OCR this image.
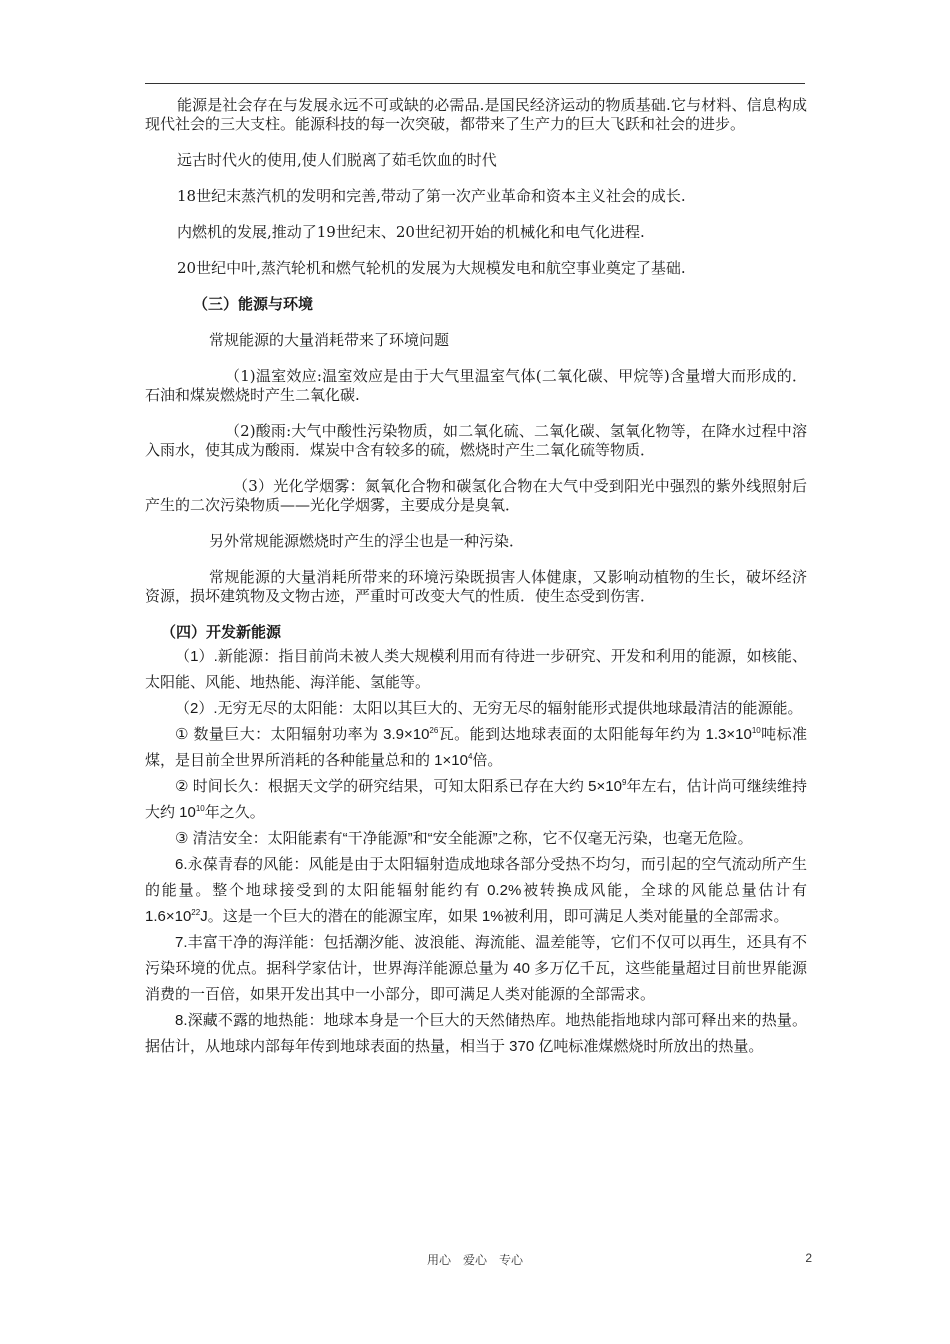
能源是社会存在与发展永远不可或缺的必需品.是国民经济运动的物质基础.它与材料、信息构成现代社会的三大支柱。能源科技的每一次突破，都带来了生产力的巨大飞跃和社会的进步。

远古时代火的使用,使人们脱离了茹毛饮血的时代

18世纪末蒸汽机的发明和完善,带动了第一次产业革命和资本主义社会的成长.

内燃机的发展,推动了19世纪末、20世纪初开始的机械化和电气化进程.

20世纪中叶,蒸汽轮机和燃气轮机的发展为大规模发电和航空事业奠定了基础.

（三）能源与环境

常规能源的大量消耗带来了环境问题

（1)温室效应:温室效应是由于大气里温室气体(二氧化碳、甲烷等)含量增大而形成的．石油和煤炭燃烧时产生二氧化碳.

（2)酸雨:大气中酸性污染物质，如二氧化硫、二氧化碳、氢氧化物等，在降水过程中溶入雨水，使其成为酸雨．煤炭中含有较多的硫，燃烧时产生二氧化硫等物质．

（3）光化学烟雾：氮氧化合物和碳氢化合物在大气中受到阳光中强烈的紫外线照射后产生的二次污染物质——光化学烟雾，主要成分是臭氧．

另外常规能源燃烧时产生的浮尘也是一种污染．

常规能源的大量消耗所带来的环境污染既损害人体健康，又影响动植物的生长，破坏经济资源，损坏建筑物及文物古迹，严重时可改变大气的性质．使生态受到伤害．

（四）开发新能源

（1）.新能源：指目前尚未被人类大规模利用而有待进一步研究、开发和利用的能源，如核能、太阳能、风能、地热能、海洋能、氢能等。

（2）.无穷无尽的太阳能：太阳以其巨大的、无穷无尽的辐射能形式提供地球最清洁的能源能。

① 数量巨大：太阳辐射功率为 $3.9\times 10^{26}$瓦。能到达地球表面的太阳能每年约为 $1.3\times 10^{10}$吨标准煤，是目前全世界所消耗的各种能量总和的 $1\times 10^4$倍。

② 时间长久：根据天文学的研究结果，可知太阳系已存在大约 $5\times 10^9$年左右，估计尚可继续维持大约 $10^{10}$年之久。

③ 清洁安全：太阳能素有“干净能源”和“安全能源”之称，它不仅毫无污染，也毫无危险。

6.永葆青春的风能：风能是由于太阳辐射造成地球各部分受热不均匀，而引起的空气流动所产生的能量。整个地球接受到的太阳能辐射能约有 0.2%被转换成风能，全球的风能总量估计有 $1.6\times 10^{22}J$。这是一个巨大的潜在的能源宝库，如果 1%被利用，即可满足人类对能量的全部需求。

7.丰富干净的海洋能：包括潮汐能、波浪能、海流能、温差能等，它们不仅可以再生，还具有不污染环境的优点。据科学家估计，世界海洋能源总量为 40 多万亿千瓦，这些能量超过目前世界能源消费的一百倍，如果开发出其中一小部分，即可满足人类对能源的全部需求。

8.深藏不露的地热能：地球本身是一个巨大的天然储热库。地热能指地球内部可释出来的热量。据估计，从地球内部每年传到地球表面的热量，相当于 370 亿吨标准煤燃烧时所放出的热量。

用心　爱心　专心	2
